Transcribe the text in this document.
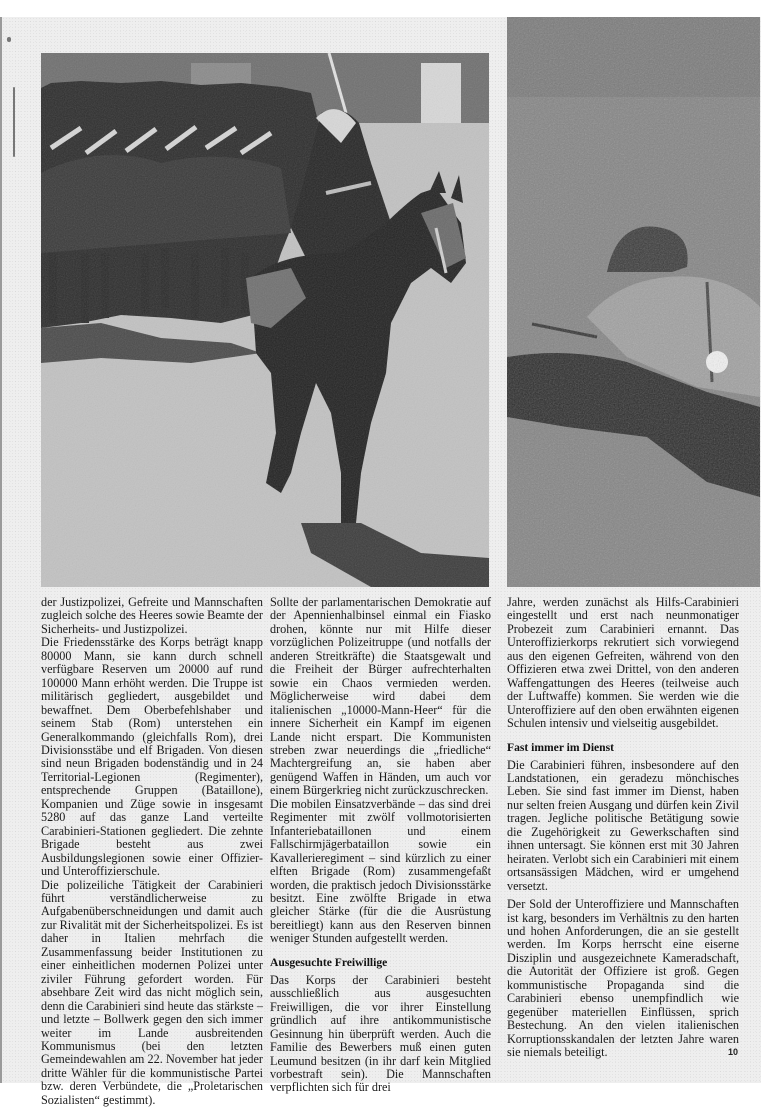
der Justizpolizei, Gefreite und Mannschaften zugleich solche des Heeres sowie Beamte der Sicherheits- und Justizpolizei.

Die Friedensstärke des Korps beträgt knapp 80000 Mann, sie kann durch schnell verfügbare Reserven um 20000 auf rund 100000 Mann erhöht werden. Die Truppe ist militärisch gegliedert, ausgebildet und bewaffnet. Dem Oberbefehlshaber und seinem Stab (Rom) unterstehen ein Generalkommando (gleichfalls Rom), drei Divisionsstäbe und elf Brigaden. Von diesen sind neun Brigaden bodenständig und in 24 Territorial-Legionen (Regimenter), entsprechende Gruppen (Bataillone), Kompanien und Züge sowie in insgesamt 5280 auf das ganze Land verteilte Carabinieri-Stationen gegliedert. Die zehnte Brigade besteht aus zwei Ausbildungslegionen sowie einer Offizier- und Unteroffizierschule.

Die polizeiliche Tätigkeit der Carabinieri führt verständlicherweise zu Aufgabenüberschneidungen und damit auch zur Rivalität mit der Sicherheitspolizei. Es ist daher in Italien mehrfach die Zusammenfassung beider Institutionen zu einer einheitlichen modernen Polizei unter ziviler Führung gefordert worden. Für absehbare Zeit wird das nicht möglich sein, denn die Carabinieri sind heute das stärkste – und letzte – Bollwerk gegen den sich immer weiter im Lande ausbreitenden Kommunismus (bei den letzten Gemeindewahlen am 22. November hat jeder dritte Wähler für die kommunistische Partei bzw. deren Verbündete, die „Proletarischen Sozialisten“ gestimmt).

Sollte der parlamentarischen Demokratie auf der Apennienhalbinsel einmal ein Fiasko drohen, könnte nur mit Hilfe dieser vorzüglichen Polizeitruppe (und notfalls der anderen Streitkräfte) die Staatsgewalt und die Freiheit der Bürger aufrechterhalten sowie ein Chaos vermieden werden. Möglicherweise wird dabei dem italienischen „10000-Mann-Heer“ für die innere Sicherheit ein Kampf im eigenen Lande nicht erspart. Die Kommunisten streben zwar neuerdings die „friedliche“ Machtergreifung an, sie haben aber genügend Waffen in Händen, um auch vor einem Bürgerkrieg nicht zurückzuschrecken.

Die mobilen Einsatzverbände – das sind drei Regimenter mit zwölf vollmotorisierten Infanteriebataillonen und einem Fallschirmjägerbataillon sowie ein Kavallerieregiment – sind kürzlich zu einer elften Brigade (Rom) zusammengefaßt worden, die praktisch jedoch Divisionsstärke besitzt. Eine zwölfte Brigade in etwa gleicher Stärke (für die die Ausrüstung bereitliegt) kann aus den Reserven binnen weniger Stunden aufgestellt werden.

Ausgesuchte Freiwillige

Das Korps der Carabinieri besteht ausschließlich aus ausgesuchten Freiwilligen, die vor ihrer Einstellung gründlich auf ihre antikommunistische Gesinnung hin überprüft werden. Auch die Familie des Bewerbers muß einen guten Leumund besitzen (in ihr darf kein Mitglied vorbestraft sein). Die Mannschaften verpflichten sich für drei

Jahre, werden zunächst als Hilfs-Carabinieri eingestellt und erst nach neunmonatiger Probezeit zum Carabinieri ernannt. Das Unteroffizierkorps rekrutiert sich vorwiegend aus den eigenen Gefreiten, während von den Offizieren etwa zwei Drittel, von den anderen Waffengattungen des Heeres (teilweise auch der Luftwaffe) kommen. Sie werden wie die Unteroffiziere auf den oben erwähnten eigenen Schulen intensiv und vielseitig ausgebildet.

Fast immer im Dienst

Die Carabinieri führen, insbesondere auf den Landstationen, ein geradezu mönchisches Leben. Sie sind fast immer im Dienst, haben nur selten freien Ausgang und dürfen kein Zivil tragen. Jegliche politische Betätigung sowie die Zugehörigkeit zu Gewerkschaften sind ihnen untersagt. Sie können erst mit 30 Jahren heiraten. Verlobt sich ein Carabinieri mit einem ortsansässigen Mädchen, wird er umgehend versetzt.

Der Sold der Unteroffiziere und Mannschaften ist karg, besonders im Verhältnis zu den harten und hohen Anforderungen, die an sie gestellt werden. Im Korps herrscht eine eiserne Disziplin und ausgezeichnete Kameradschaft, die Autorität der Offiziere ist groß. Gegen kommunistische Propaganda sind die Carabinieri ebenso unempfindlich wie gegenüber materiellen Einflüssen, sprich Bestechung. An den vielen italienischen Korruptionsskandalen der letzten Jahre waren sie niemals beteiligt.	10
